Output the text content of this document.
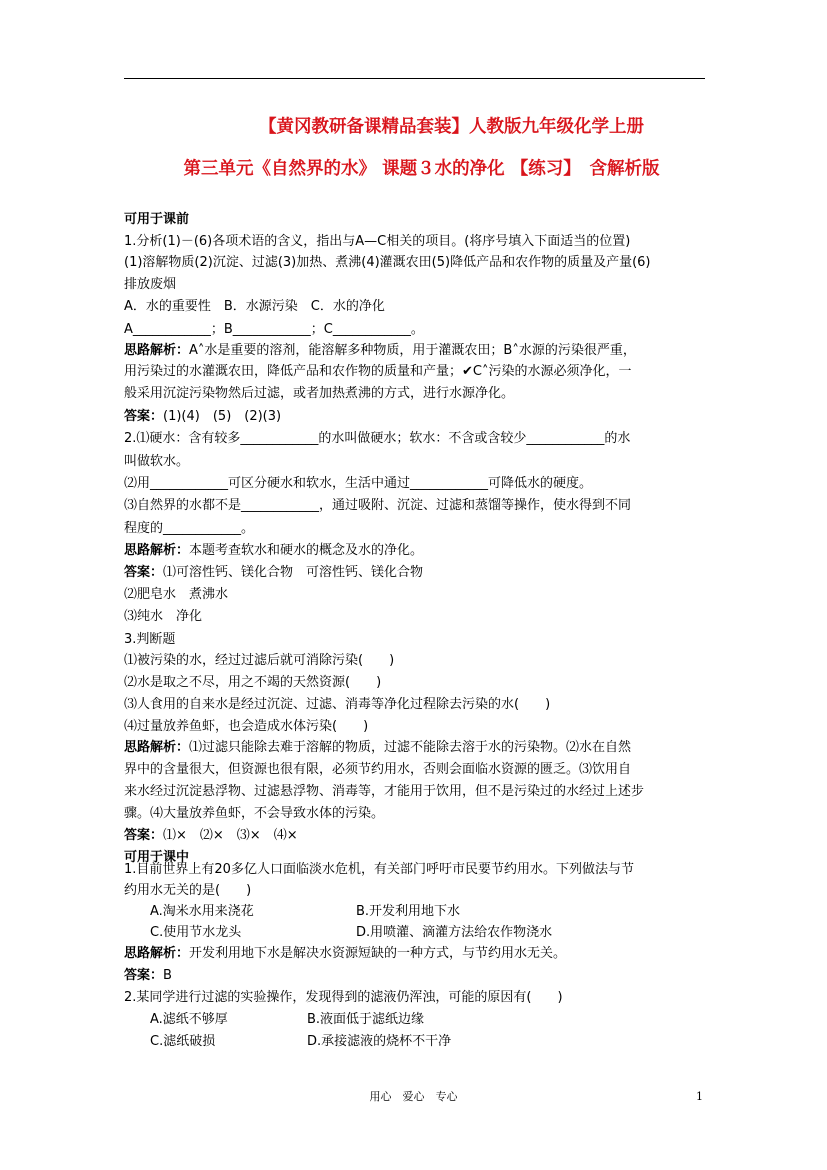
【黄冈教研备课精品套装】人教版九年级化学上册
第三单元《自然界的水》 课题３水的净化 【练习】　含解析版
可用于课前
1.分析(1)－(6)各项术语的含义，指出与A—C相关的项目。(将序号填入下面适当的位置)
(1)溶解物质(2)沉淀、过滤(3)加热、煮沸(4)灌溉农田(5)降低产品和农作物的质量及产量(6)
排放废烟
A．水的重要性　B．水源污染　C．水的净化
A____________；B____________；C____________。
思路解析：A˄水是重要的溶剂，能溶解多种物质，用于灌溉农田；B˄水源的污染很严重，
用污染过的水灌溉农田，降低产品和农作物的质量和产量；✔C˄污染的水源必须净化，一
般采用沉淀污染物然后过滤，或者加热煮沸的方式，进行水源净化。
答案：(1)(4)　(5)　(2)(3)
2.⑴硬水：含有较多____________的水叫做硬水；软水：不含或含较少____________的水
叫做软水。
⑵用____________可区分硬水和软水，生活中通过____________可降低水的硬度。
⑶自然界的水都不是____________，通过吸附、沉淀、过滤和蒸馏等操作，使水得到不同
程度的____________。
思路解析：本题考查软水和硬水的概念及水的净化。
答案：⑴可溶性钙、镁化合物　可溶性钙、镁化合物
⑵肥皂水　煮沸水
⑶纯水　净化
3.判断题
⑴被污染的水，经过过滤后就可消除污染(　　)
⑵水是取之不尽，用之不竭的天然资源(　　)
⑶人食用的自来水是经过沉淀、过滤、消毒等净化过程除去污染的水(　　)
⑷过量放养鱼虾，也会造成水体污染(　　)
思路解析：⑴过滤只能除去难于溶解的物质，过滤不能除去溶于水的污染物。⑵水在自然
界中的含量很大，但资源也很有限，必须节约用水，否则会面临水资源的匮乏。⑶饮用自
来水经过沉淀悬浮物、过滤悬浮物、消毒等，才能用于饮用，但不是污染过的水经过上述步
骤。⑷大量放养鱼虾，不会导致水体的污染。
答案：⑴×　⑵×　⑶×　⑷×
可用于课中
1.目前世界上有20多亿人口面临淡水危机，有关部门呼吁市民要节约用水。下列做法与节
约用水无关的是(　　)
A.淘米水用来浇花	B.开发利用地下水
C.使用节水龙头	D.用喷灌、滴灌方法给农作物浇水
思路解析：开发利用地下水是解决水资源短缺的一种方式，与节约用水无关。
答案：B
2.某同学进行过滤的实验操作，发现得到的滤液仍浑浊，可能的原因有(　　)
A.滤纸不够厚	B.液面低于滤纸边缘
C.滤纸破损	D.承接滤液的烧杯不干净
用心　爱心　专心	1
